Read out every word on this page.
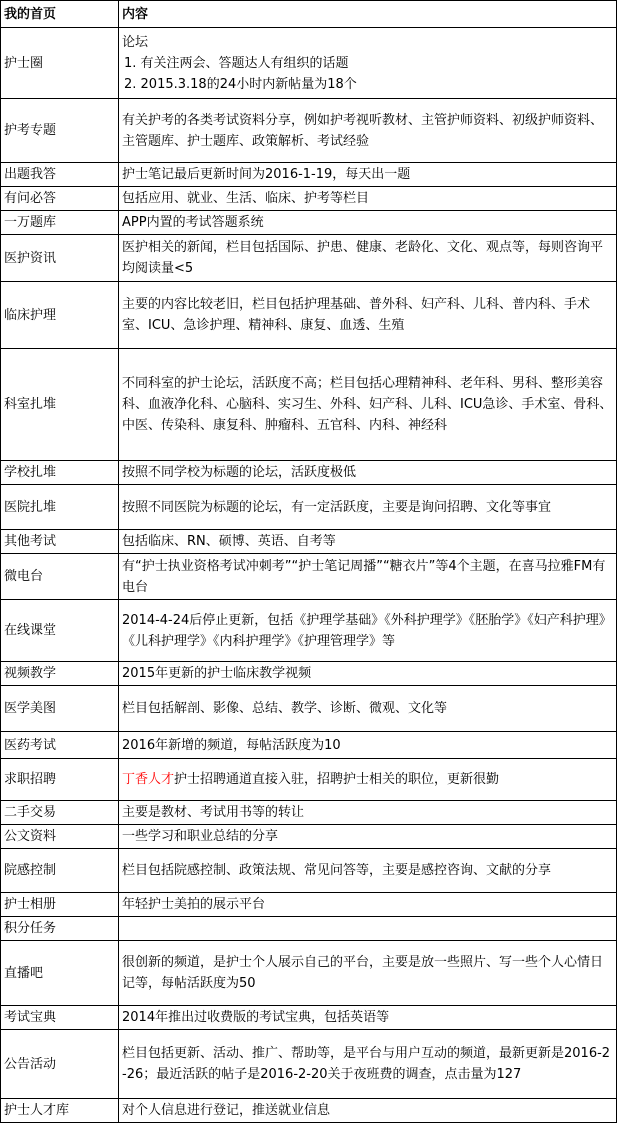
我的首页	内容
护士圈	论坛
1. 有关注两会、答题达人有组织的话题
2. 2015.3.18的24小时内新帖量为18个

护考专题	有关护考的各类考试资料分享，例如护考视听教材、主管护师资料、初级护师资料、主管题库、护士题库、政策解析、考试经验
出题我答	护士笔记最后更新时间为2016-1-19，每天出一题
有问必答	包括应用、就业、生活、临床、护考等栏目
一万题库	APP内置的考试答题系统
医护资讯	医护相关的新闻，栏目包括国际、护患、健康、老龄化、文化、观点等，每则咨询平均阅读量<5
临床护理	主要的内容比较老旧，栏目包括护理基础、普外科、妇产科、儿科、普内科、手术室、ICU、急诊护理、精神科、康复、血透、生殖
科室扎堆	不同科室的护士论坛，活跃度不高；栏目包括心理精神科、老年科、男科、整形美容科、血液净化科、心脑科、实习生、外科、妇产科、儿科、ICU急诊、手术室、骨科、中医、传染科、康复科、肿瘤科、五官科、内科、神经科
学校扎堆	按照不同学校为标题的论坛，活跃度极低
医院扎堆	按照不同医院为标题的论坛，有一定活跃度，主要是询问招聘、文化等事宜
其他考试	包括临床、RN、硕博、英语、自考等
微电台	有“护士执业资格考试冲刺考”“护士笔记周播”“糖衣片”等4个主题，在喜马拉雅FM有电台
在线课堂	2014-4-24后停止更新，包括《护理学基础》《外科护理学》《胚胎学》《妇产科护理》《儿科护理学》《内科护理学》《护理管理学》等
视频教学	2015年更新的护士临床教学视频
医学美图	栏目包括解剖、影像、总结、教学、诊断、微观、文化等
医药考试	2016年新增的频道，每帖活跃度为10
求职招聘	丁香人才护士招聘通道直接入驻，招聘护士相关的职位，更新很勤
二手交易	主要是教材、考试用书等的转让
公文资料	一些学习和职业总结的分享
院感控制	栏目包括院感控制、政策法规、常见问答等，主要是感控咨询、文献的分享
护士相册	年轻护士美拍的展示平台
积分任务	
直播吧	很创新的频道，是护士个人展示自己的平台，主要是放一些照片、写一些个人心情日记等，每帖活跃度为50
考试宝典	2014年推出过收费版的考试宝典，包括英语等
公告活动	栏目包括更新、活动、推广、帮助等，是平台与用户互动的频道，最新更新是2016-2-26；最近活跃的帖子是2016-2-20关于夜班费的调查，点击量为127
护士人才库	对个人信息进行登记，推送就业信息
